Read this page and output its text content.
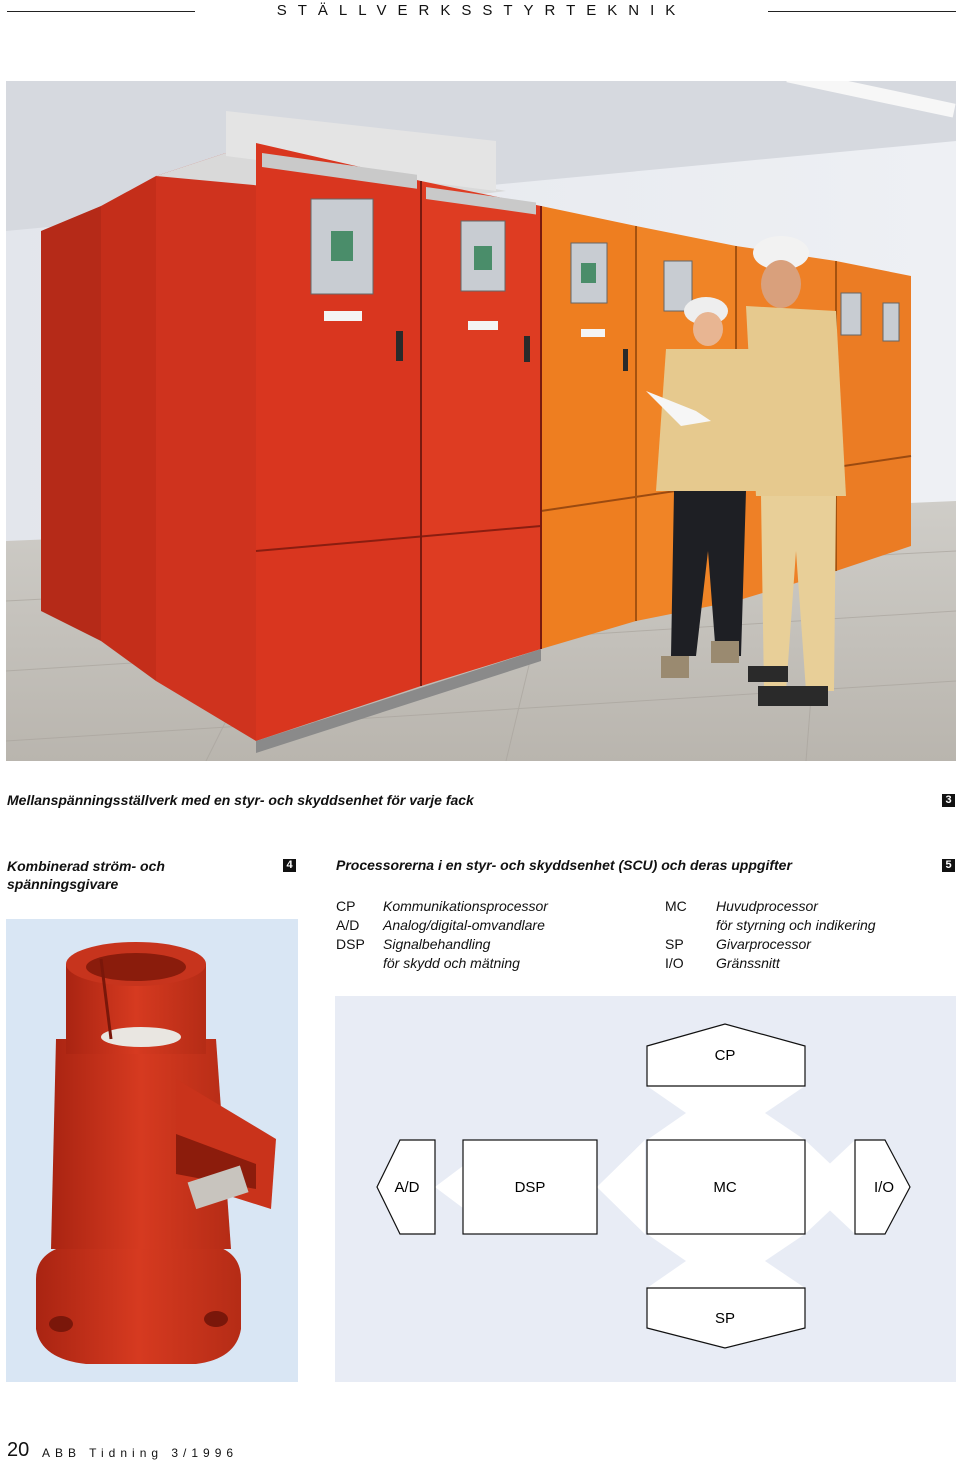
STÄLLVERKSSTYRTEKNIK
Mellanspänningsställverk med en styr- och skyddsenhet för varje fack	3
Kombinerad ström- och spänningsgivare
4	Processorerna i en styr- och skyddsenhet (SCU) och deras uppgifter	5
CP Kommunikationsprocessor
A/D Analog/digital-omvandlare
DSP Signalbehandling
för skydd och mätning
MC Huvudprocessor
för styrning och indikering
SP Givarprocessor
I/O Gränssnitt
CP
A/D	DSP	MC	I/O
SP
20 ABB Tidning 3/1996
